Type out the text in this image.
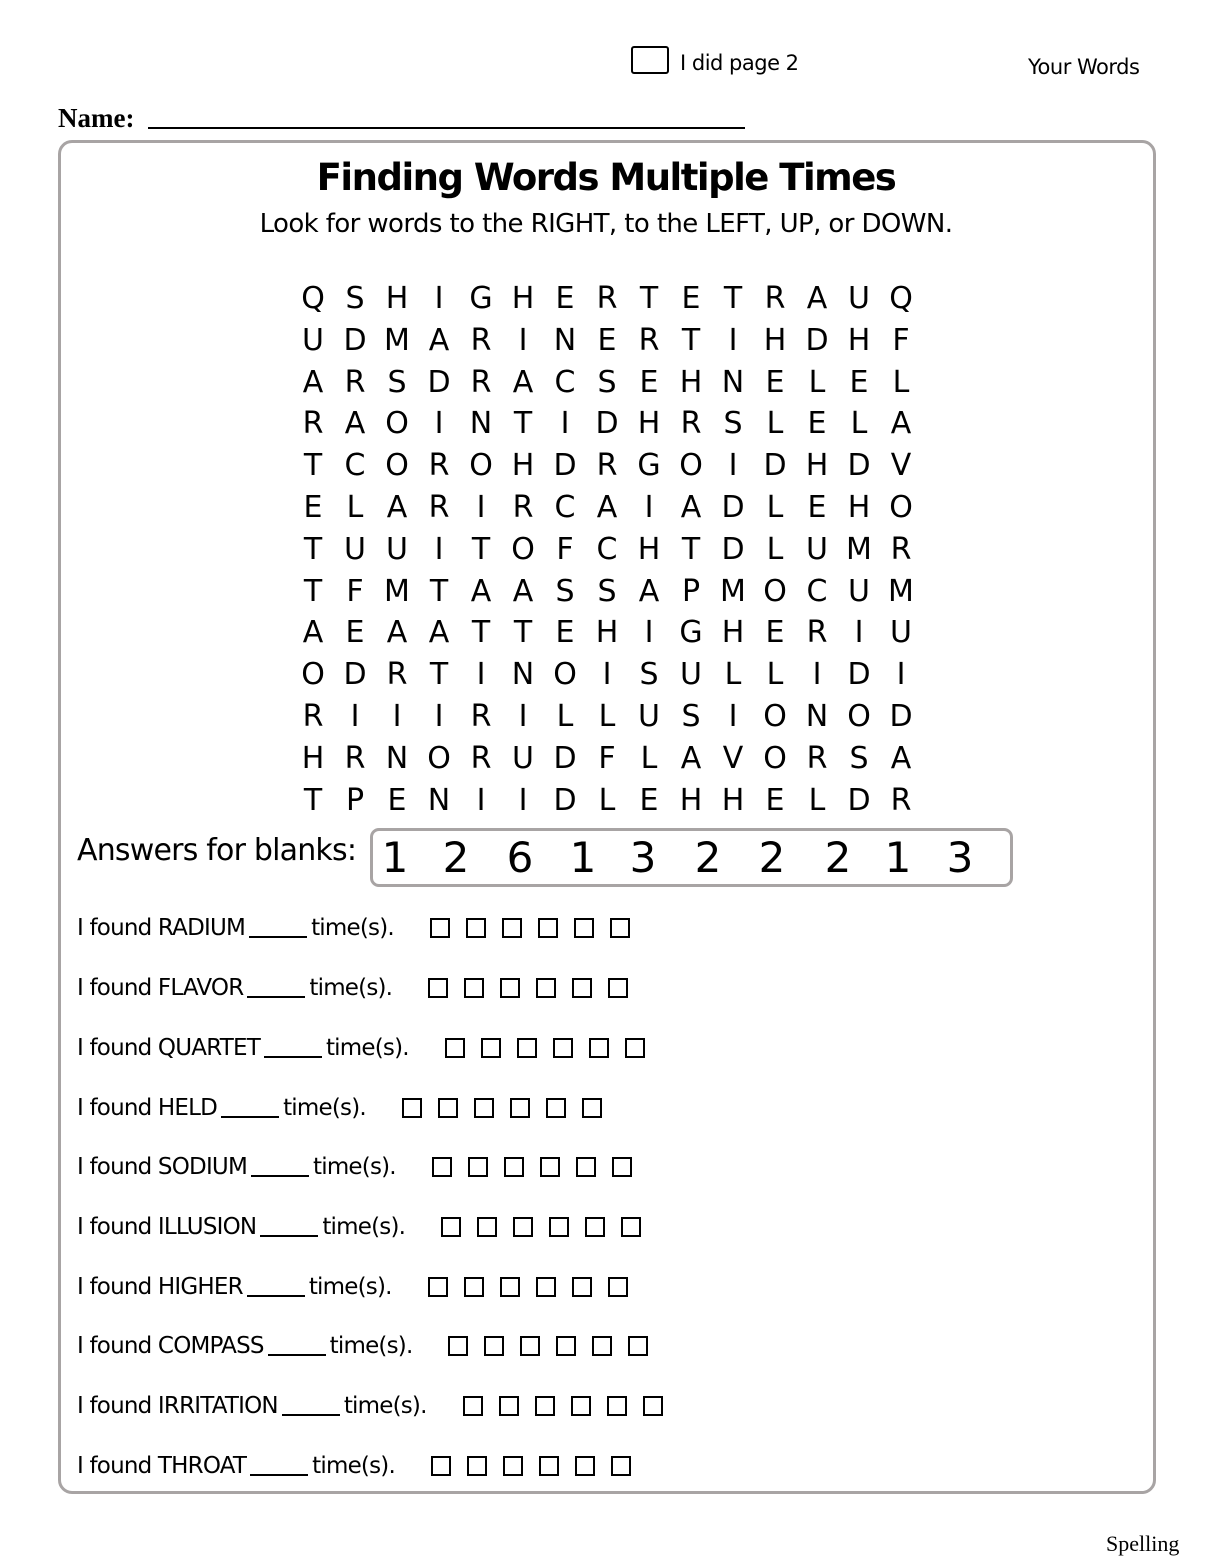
I did page 2	Your Words
Name:
Finding Words Multiple Times
Look for words to the RIGHT, to the LEFT, UP, or DOWN.
Q S H I G H E R T E T R A U Q
U D M A R I N E R T I H D H F
A R S D R A C S E H N E L E L
R A O I N T I D H R S L E L A
T C O R O H D R G O I D H D V
E L A R I R C A I A D L E H O
T U U I T O F C H T D L U M R
T F M T A A S S A P M O C U M
A E A A T T E H I G H E R I U
O D R T I N O I S U L L I D I
R I	I	I R I L L U S I O N O D
H R N O R U D F L A V O R S A
T P E N I	I D L E H H E L D R
Answers for blanks: 1 2 6 1 3 2 2 2 1 3
I found RADIUM	time(s).
I found FLAVOR	time(s).
I found QUARTET	time(s).
I found HELD	time(s).
I found SODIUM	time(s).
I found ILLUSION	time(s).
I found HIGHER	time(s).
I found COMPASS	time(s).
I found IRRITATION	time(s).
I found THROAT	time(s).
Spelling
